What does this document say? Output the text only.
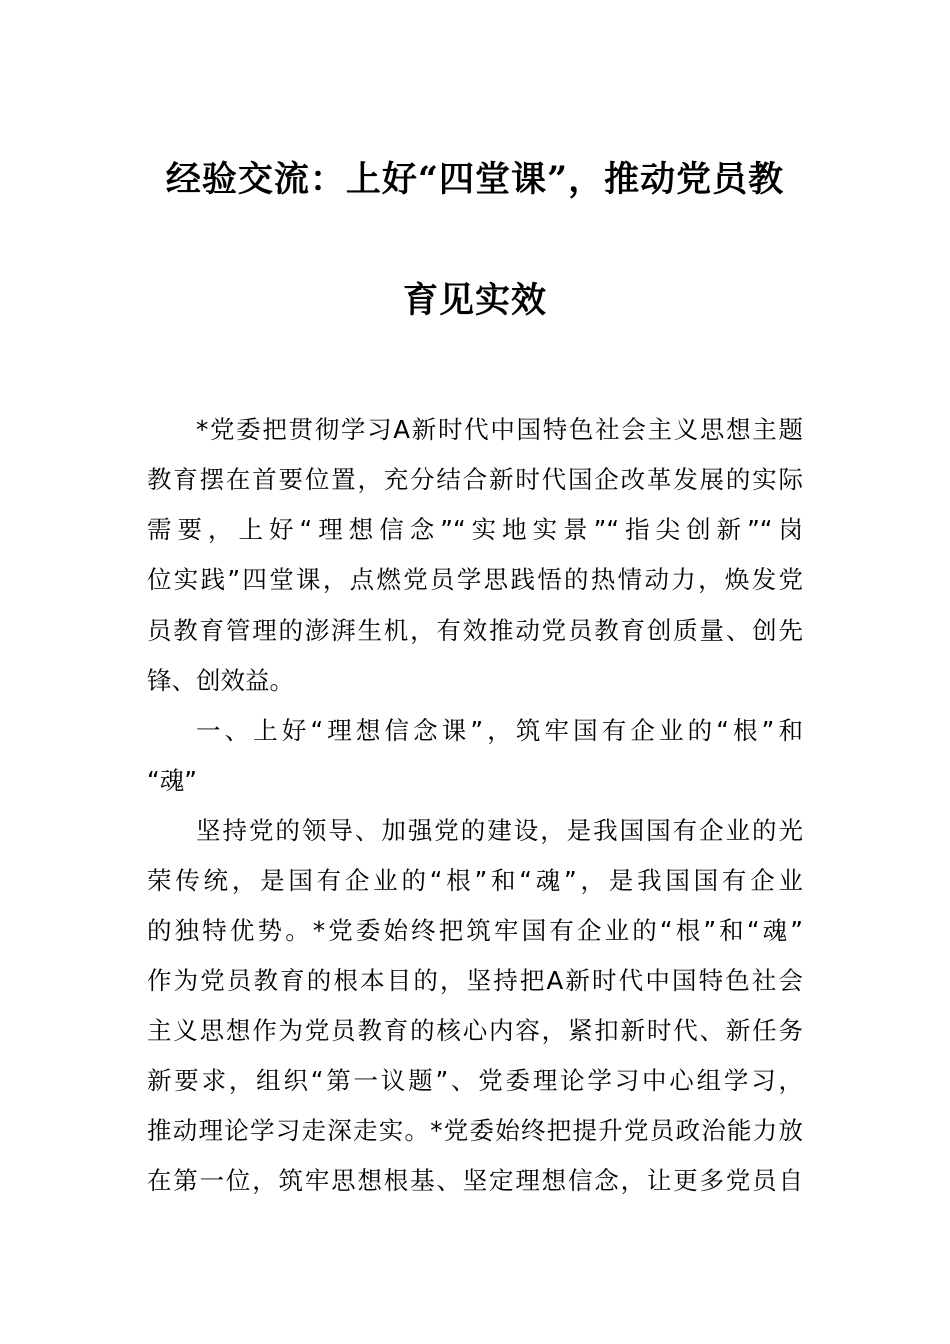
经验交流：上好“四堂课”，推动党员教
育见实效

*党委把贯彻学习A新时代中国特色社会主义思想主题

教育摆在首要位置，充分结合新时代国企改革发展的实际

需要，上好“理想信念”“实地实景”“指尖创新”“岗

位实践”四堂课，点燃党员学思践悟的热情动力，焕发党

员教育管理的澎湃生机，有效推动党员教育创质量、创先

锋、创效益。

一、上好“理想信念课”，筑牢国有企业的“根”和

“魂”

坚持党的领导、加强党的建设，是我国国有企业的光

荣传统，是国有企业的“根”和“魂”，是我国国有企业

的独特优势。*党委始终把筑牢国有企业的“根”和“魂”

作为党员教育的根本目的，坚持把A新时代中国特色社会

主义思想作为党员教育的核心内容，紧扣新时代、新任务

新要求，组织“第一议题”、党委理论学习中心组学习，

推动理论学习走深走实。*党委始终把提升党员政治能力放

在第一位，筑牢思想根基、坚定理想信念，让更多党员自
